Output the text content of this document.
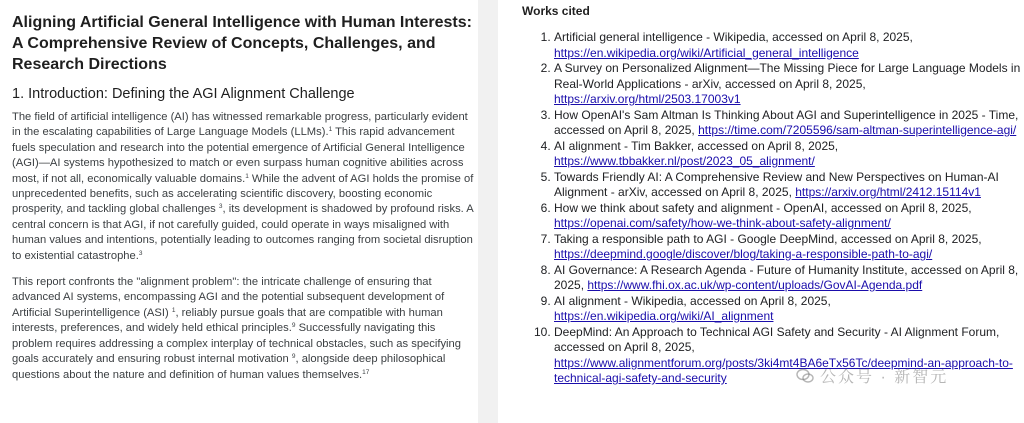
Aligning Artificial General Intelligence with Human Interests: A Comprehensive Review of Concepts, Challenges, and Research Directions
1. Introduction: Defining the AGI Alignment Challenge

The field of artificial intelligence (AI) has witnessed remarkable progress, particularly evident in the escalating capabilities of Large Language Models (LLMs).$^1$ This rapid advancement fuels speculation and research into the potential emergence of Artificial General Intelligence (AGI)—AI systems hypothesized to match or even surpass human cognitive abilities across most, if not all, economically valuable domains.$^1$ While the advent of AGI holds the promise of unprecedented benefits, such as accelerating scientific discovery, boosting economic prosperity, and tackling global challenges $^3$, its development is shadowed by profound risks. A central concern is that AGI, if not carefully guided, could operate in ways misaligned with human values and intentions, potentially leading to outcomes ranging from societal disruption to existential catastrophe.$^3$

This report confronts the "alignment problem": the intricate challenge of ensuring that advanced AI systems, encompassing AGI and the potential subsequent development of Artificial Superintelligence (ASI) $^1$, reliably pursue goals that are compatible with human interests, preferences, and widely held ethical principles.$^9$ Successfully navigating this problem requires addressing a complex interplay of technical obstacles, such as specifying goals accurately and ensuring robust internal motivation $^9$, alongside deep philosophical questions about the nature and definition of human values themselves.$^{17}$

Works cited
1. Artificial general intelligence - Wikipedia, accessed on April 8, 2025, https://en.wikipedia.org/wiki/Artificial_general_intelligence
2. A Survey on Personalized Alignment—The Missing Piece for Large Language Models in Real-World Applications - arXiv, accessed on April 8, 2025, https://arxiv.org/html/2503.17003v1
3. How OpenAI's Sam Altman Is Thinking About AGI and Superintelligence in 2025 - Time, accessed on April 8, 2025, https://time.com/7205596/sam-altman-superintelligence-agi/
4. AI alignment - Tim Bakker, accessed on April 8, 2025, https://www.tbbakker.nl/post/2023_05_alignment/
5. Towards Friendly AI: A Comprehensive Review and New Perspectives on Human-AI Alignment - arXiv, accessed on April 8, 2025, https://arxiv.org/html/2412.15114v1
6. How we think about safety and alignment - OpenAI, accessed on April 8, 2025, https://openai.com/safety/how-we-think-about-safety-alignment/
7. Taking a responsible path to AGI - Google DeepMind, accessed on April 8, 2025, https://deepmind.google/discover/blog/taking-a-responsible-path-to-agi/
8. AI Governance: A Research Agenda - Future of Humanity Institute, accessed on April 8, 2025, https://www.fhi.ox.ac.uk/wp-content/uploads/GovAI-Agenda.pdf
9. AI alignment - Wikipedia, accessed on April 8, 2025, https://en.wikipedia.org/wiki/AI_alignment
10. DeepMind: An Approach to Technical AGI Safety and Security - AI Alignment Forum, accessed on April 8, 2025, https://www.alignmentforum.org/posts/3ki4mt4BA6eTx56Tc/deepmind-an-approach-to-technical-agi-safety-and-security	公众号 · 新智元
